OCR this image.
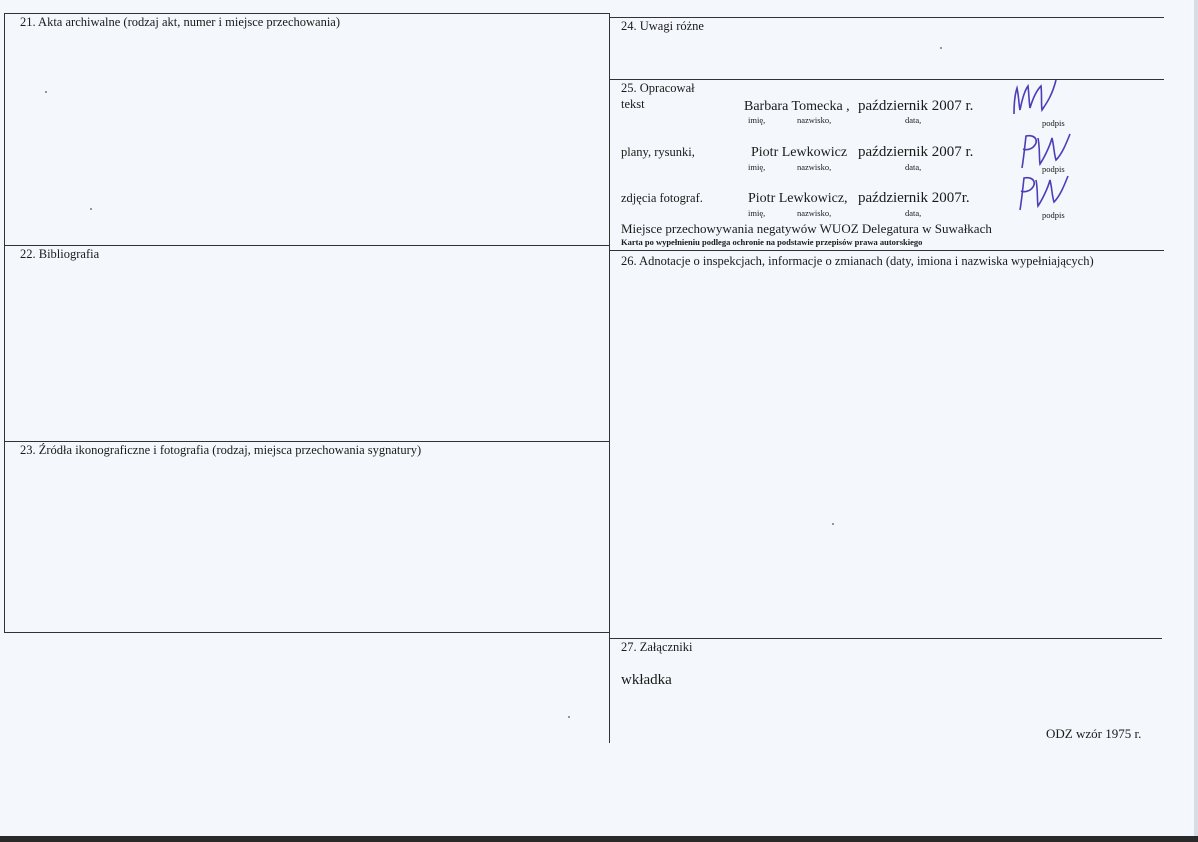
21. Akta archiwalne (rodzaj akt, numer i miejsce przechowania)
22. Bibliografia
23. Źródła ikonograficzne i fotografia (rodzaj, miejsca przechowania sygnatury)
24. Uwagi różne
25. Opracował
tekst	Barbara Tomecka , październik 2007 r.
imię,	nazwisko,	data,	podpis
plany, rysunki,	Piotr Lewkowicz październik 2007 r.
imię,	nazwisko,	data,	podpis
zdjęcia fotograf.	Piotr Lewkowicz, październik 2007r.
imię,	nazwisko,	data,	podpis
Miejsce przechowywania negatywów WUOZ Delegatura w Suwałkach
Karta po wypełnieniu podlega ochronie na podstawie przepisów prawa autorskiego
26. Adnotacje o inspekcjach, informacje o zmianach (daty, imiona i nazwiska wypełniających)
27. Załączniki
wkładka
ODZ wzór 1975 r.
